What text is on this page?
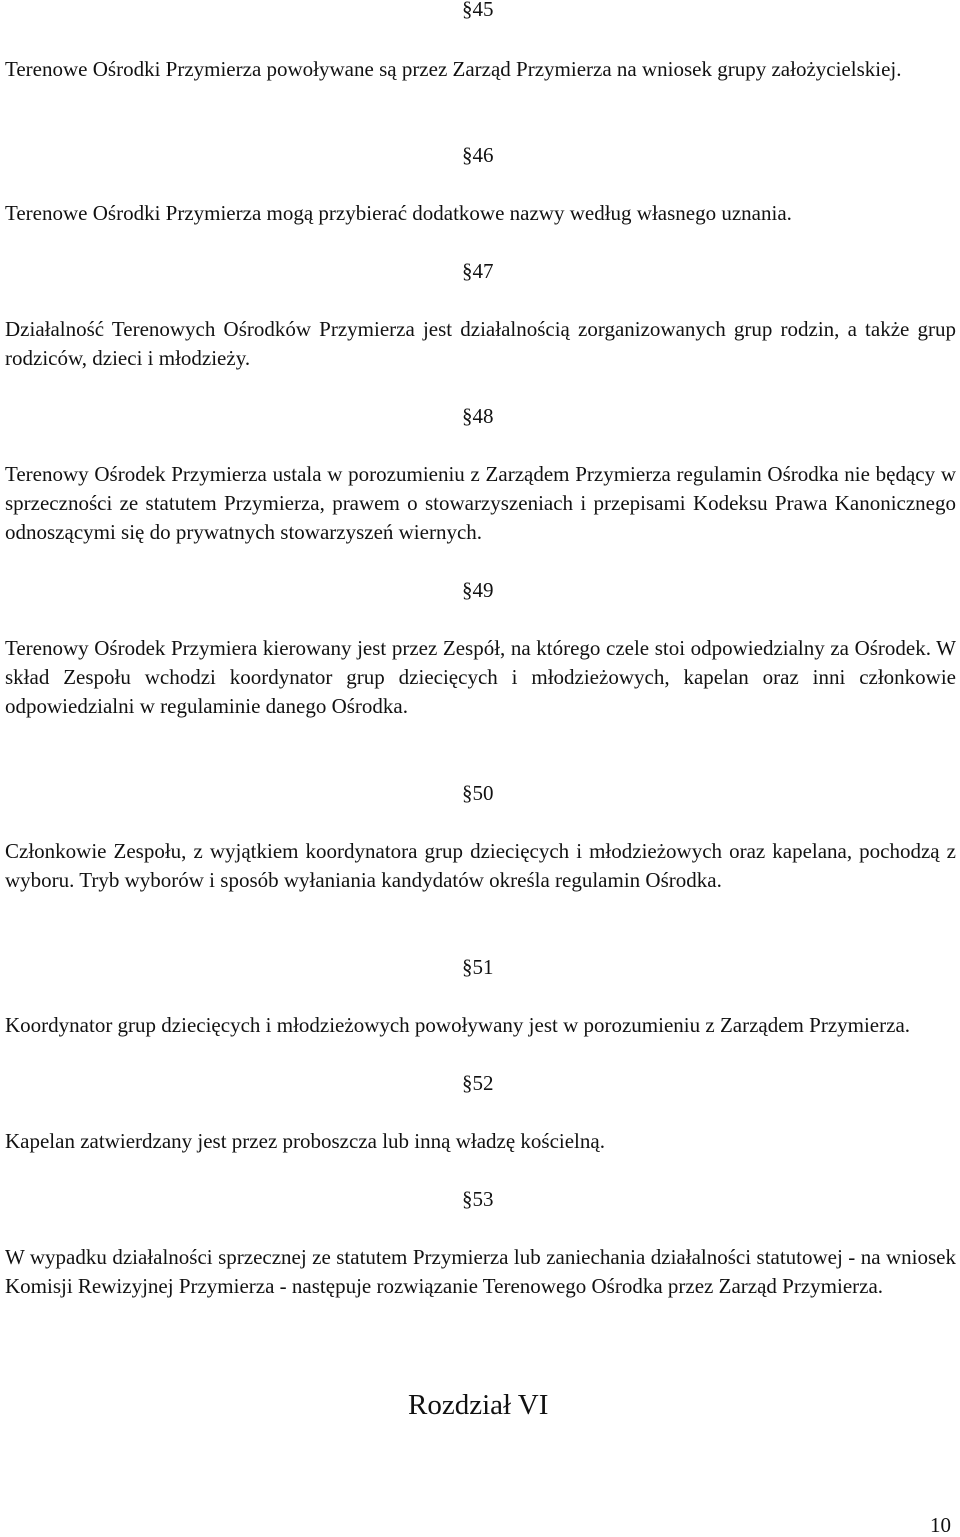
§45
Terenowe Ośrodki Przymierza powoływane są przez Zarząd Przymierza na wniosek grupy założycielskiej.
§46
Terenowe Ośrodki Przymierza mogą przybierać dodatkowe nazwy według własnego uznania.
§47
Działalność Terenowych Ośrodków Przymierza jest działalnością zorganizowanych grup rodzin, a także grup rodziców, dzieci i młodzieży.
§48
Terenowy Ośrodek Przymierza ustala w porozumieniu z Zarządem Przymierza regulamin Ośrodka nie będący w sprzeczności ze statutem Przymierza, prawem o stowarzyszeniach i przepisami Kodeksu Prawa Kanonicznego odnoszącymi się do prywatnych stowarzyszeń wiernych.
§49
Terenowy Ośrodek Przymiera kierowany jest przez Zespół, na którego czele stoi odpowiedzialny za Ośrodek. W skład Zespołu wchodzi koordynator grup dziecięcych i młodzieżowych, kapelan oraz inni członkowie odpowiedzialni w regulaminie danego Ośrodka.
§50
Członkowie Zespołu, z wyjątkiem koordynatora grup dziecięcych i młodzieżowych oraz kapelana, pochodzą z wyboru. Tryb wyborów i sposób wyłaniania kandydatów określa regulamin Ośrodka.
§51
Koordynator grup dziecięcych i młodzieżowych powoływany jest w porozumieniu z Zarządem Przymierza.
§52
Kapelan zatwierdzany jest przez proboszcza lub inną władzę kościelną.
§53
W wypadku działalności sprzecznej ze statutem Przymierza lub zaniechania działalności statutowej - na wniosek Komisji Rewizyjnej Przymierza - następuje rozwiązanie Terenowego Ośrodka przez Zarząd Przymierza.
Rozdział VI
10
